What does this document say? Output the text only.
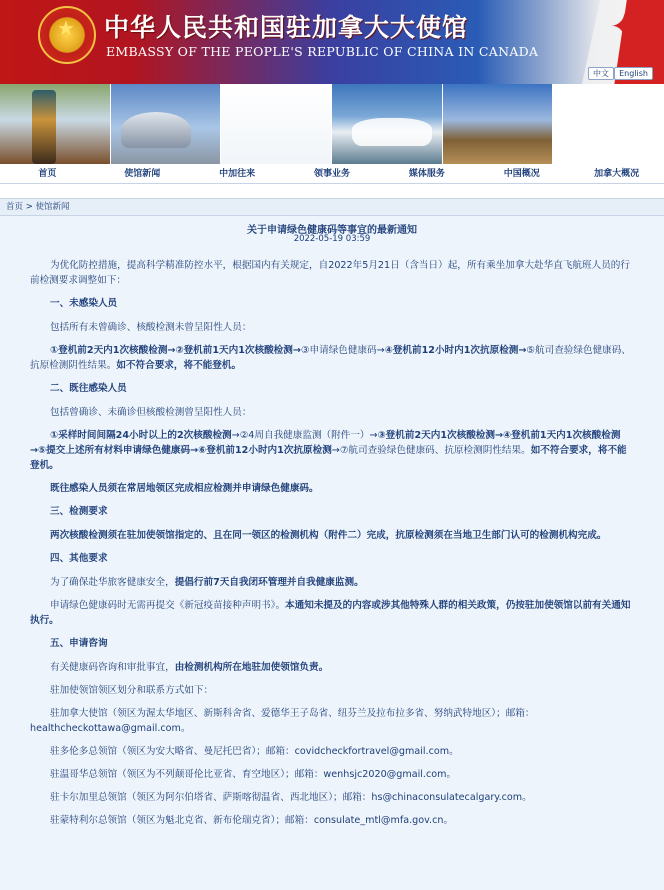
★ 中华人民共和国驻加拿大大使馆
EMBASSY OF THE PEOPLE'S REPUBLIC OF CHINA IN CANADA
✦
中文	English
首页	使馆新闻	中加往来	领事业务	媒体服务	中国概况	加拿大概况
首页 > 使馆新闻
关于申请绿色健康码等事宜的最新通知
2022-05-19 03:59

为优化防控措施，提高科学精准防控水平，根据国内有关规定，自2022年5月21日（含当日）起，所有乘坐加拿大赴华直飞航班人员的行前检测要求调整如下：

一、未感染人员

包括所有未曾确诊、核酸检测未曾呈阳性人员：

①登机前2天内1次核酸检测→②登机前1天内1次核酸检测→③申请绿色健康码→④登机前12小时内1次抗原检测→⑤航司查验绿色健康码、抗原检测阴性结果。如不符合要求，将不能登机。

二、既往感染人员

包括曾确诊、未确诊但核酸检测曾呈阳性人员：

①采样时间间隔24小时以上的2次核酸检测→②4周自我健康监测（附件一）→③登机前2天内1次核酸检测→④登机前1天内1次核酸检测→⑤提交上述所有材料申请绿色健康码→⑥登机前12小时内1次抗原检测→⑦航司查验绿色健康码、抗原检测阴性结果。如不符合要求，将不能登机。

既往感染人员须在常居地领区完成相应检测并申请绿色健康码。

三、检测要求

两次核酸检测须在驻加使领馆指定的、且在同一领区的检测机构（附件二）完成，抗原检测须在当地卫生部门认可的检测机构完成。

四、其他要求

为了确保赴华旅客健康安全，提倡行前7天自我闭环管理并自我健康监测。

申请绿色健康码时无需再提交《新冠疫苗接种声明书》。本通知未提及的内容或涉其他特殊人群的相关政策，仍按驻加使领馆以前有关通知执行。

五、申请咨询

有关健康码咨询和审批事宜，由检测机构所在地驻加使领馆负责。

驻加使领馆领区划分和联系方式如下：

驻加拿大使馆（领区为渥太华地区、新斯科舍省、爱德华王子岛省、纽芬兰及拉布拉多省、努纳武特地区）；邮箱：healthcheckottawa@gmail.com。

驻多伦多总领馆（领区为安大略省、曼尼托巴省）；邮箱：covidcheckfortravel@gmail.com。

驻温哥华总领馆（领区为不列颠哥伦比亚省、育空地区）；邮箱：wenhsjc2020@gmail.com。

驻卡尔加里总领馆（领区为阿尔伯塔省、萨斯喀彻温省、西北地区）；邮箱：hs@chinaconsulatecalgary.com。

驻蒙特利尔总领馆（领区为魁北克省、新布伦瑞克省）；邮箱：consulate_mtl@mfa.gov.cn。
